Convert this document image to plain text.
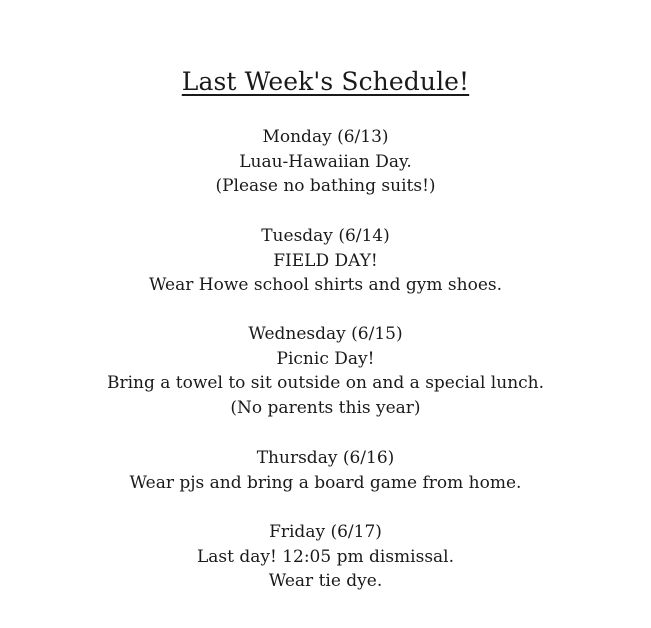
Last Week's Schedule!
Monday (6/13)
Luau-Hawaiian Day.
(Please no bathing suits!)
Tuesday (6/14)
FIELD DAY!
Wear Howe school shirts and gym shoes.
Wednesday (6/15)
Picnic Day!
Bring a towel to sit outside on and a special lunch.
(No parents this year)
Thursday (6/16)
Wear pjs and bring a board game from home.
Friday (6/17)
Last day! 12:05 pm dismissal.
Wear tie dye.
